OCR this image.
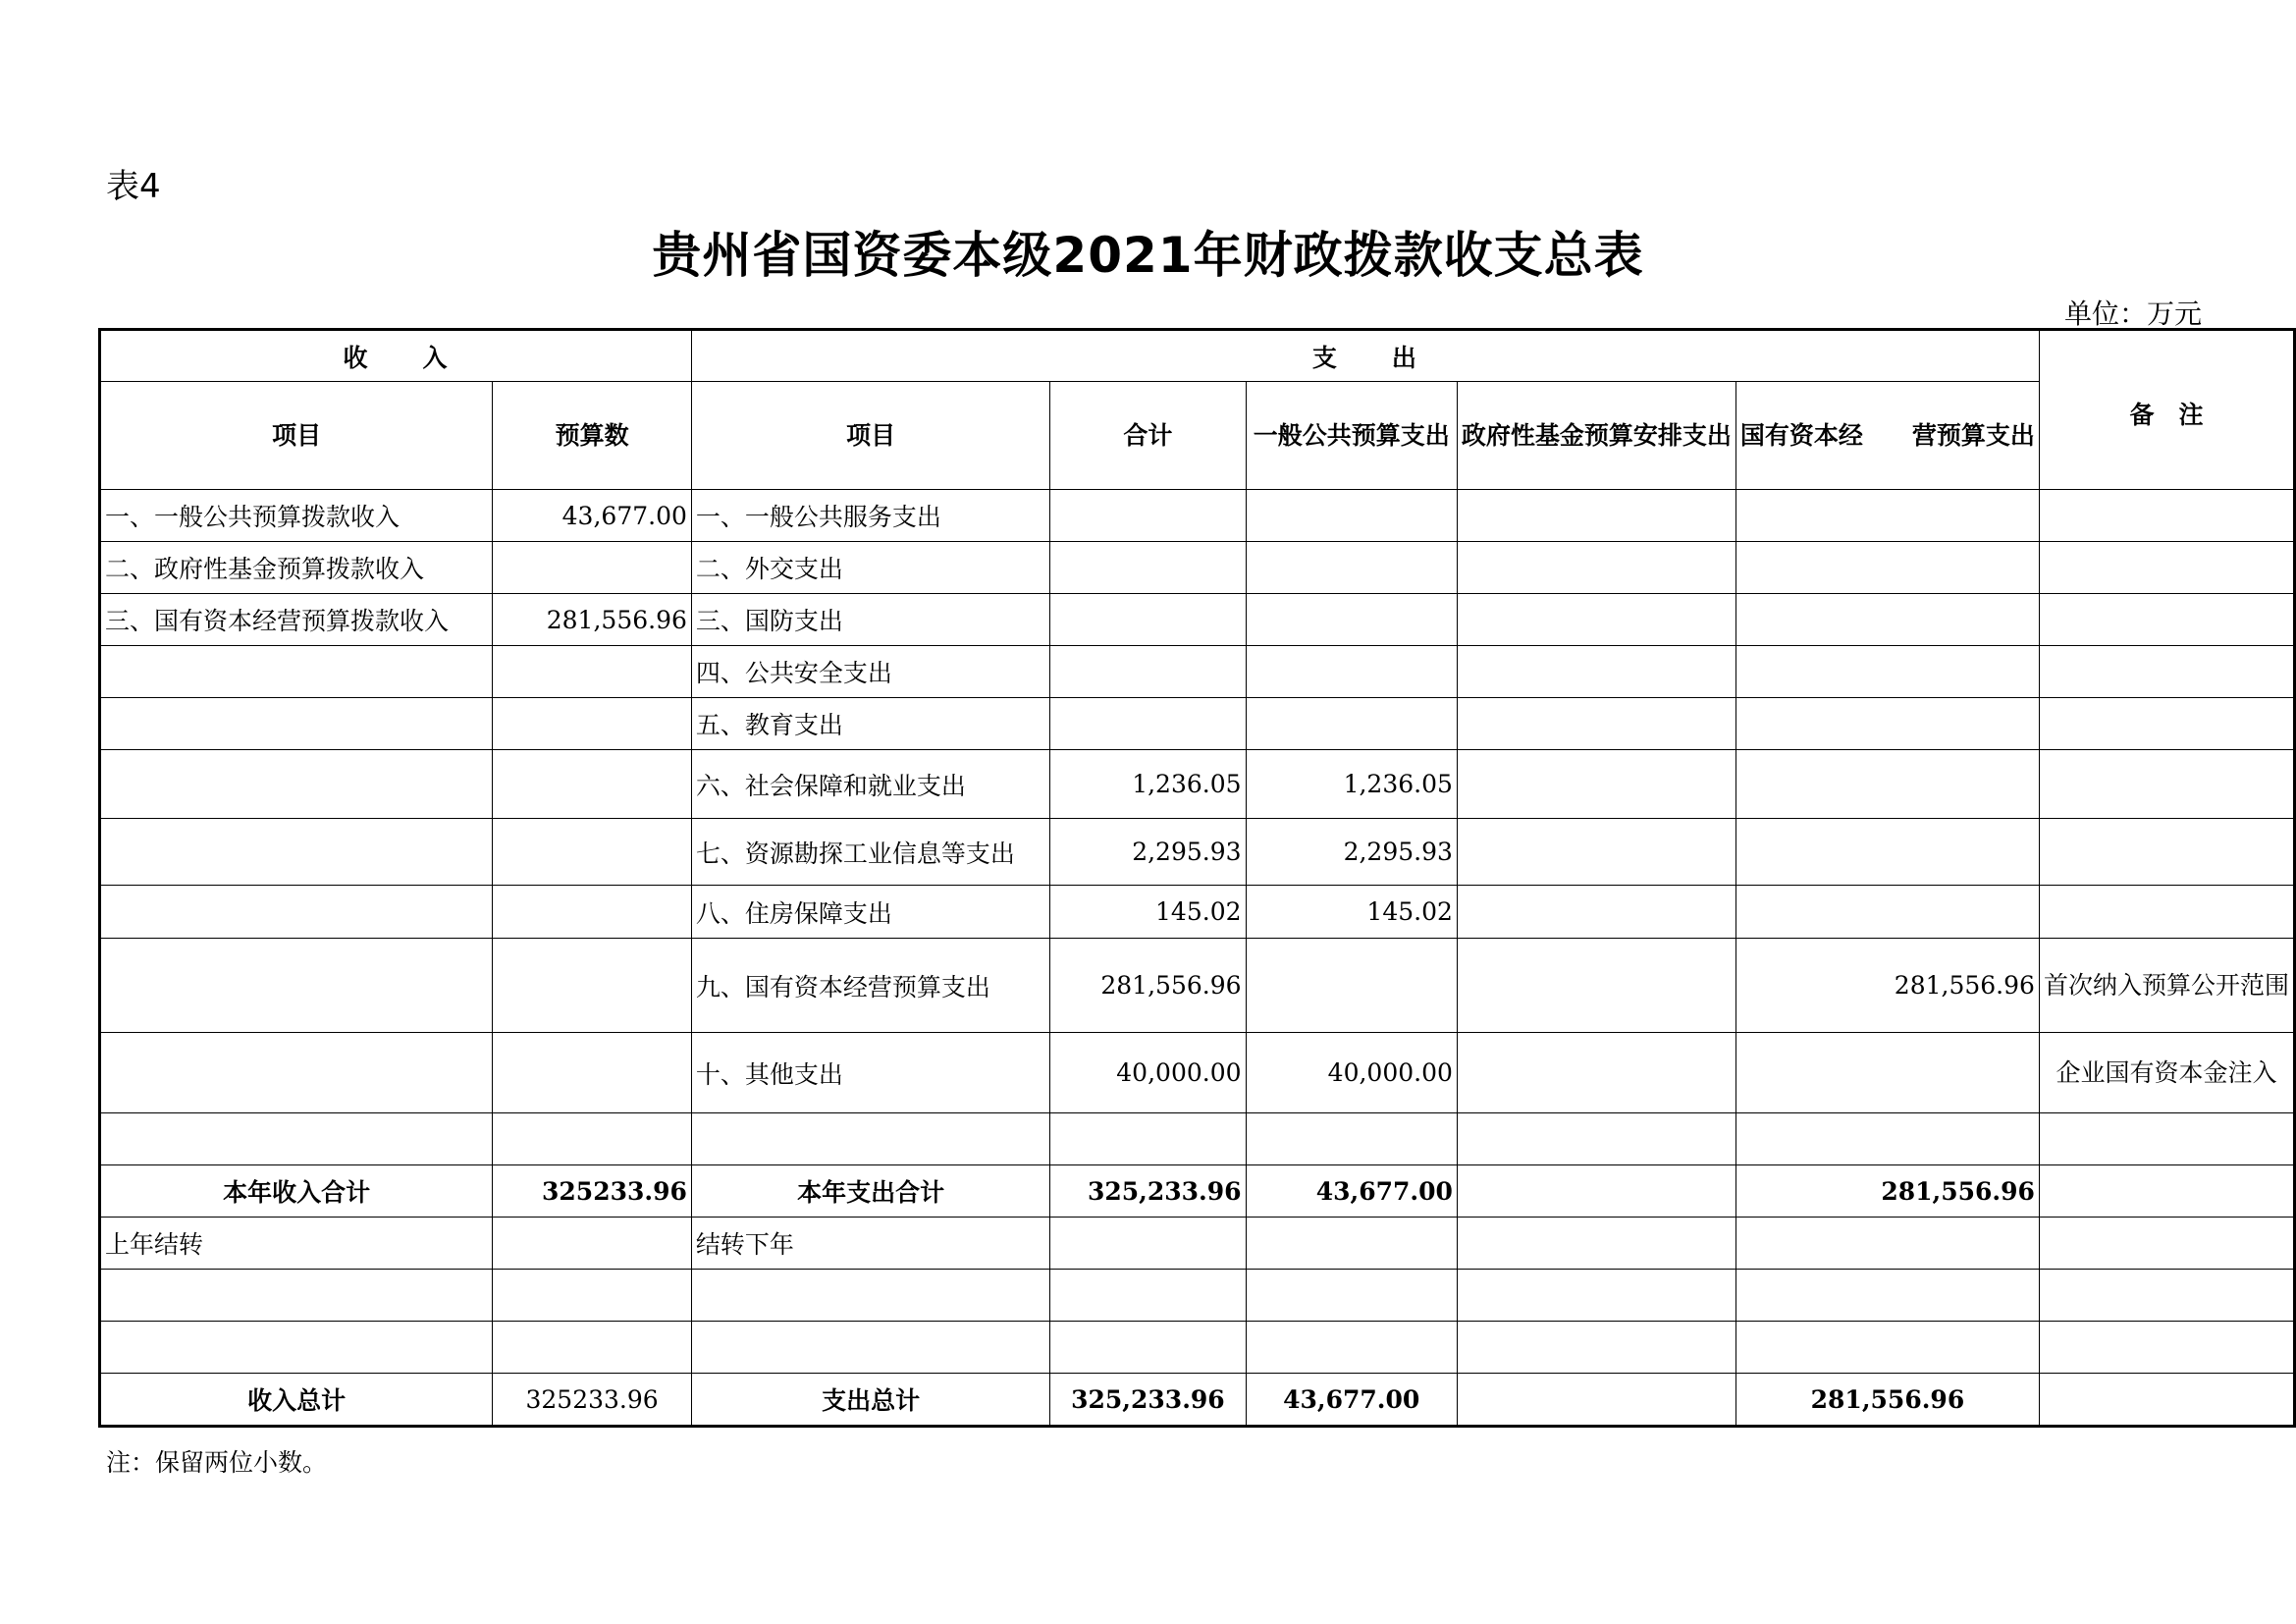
表4
贵州省国资委本级2021年财政拨款收支总表
单位：万元
收　　入		支　　出					备　注
项目	预算数	项目	合计	一般公共预算支出	政府性基金预算安排支出	国有资本经　　营预算支出	
一、一般公共预算拨款收入	43,677.00	一、一般公共服务支出					
二、政府性基金预算拨款收入		二、外交支出					
三、国有资本经营预算拨款收入	281,556.96	三、国防支出					
		四、公共安全支出					
		五、教育支出					
		六、社会保障和就业支出	1,236.05	1,236.05			
		七、资源勘探工业信息等支出	2,295.93	2,295.93			
		八、住房保障支出	145.02	145.02			
		九、国有资本经营预算支出	281,556.96			281,556.96	首次纳入预算公开范围
		十、其他支出	40,000.00	40,000.00			企业国有资本金注入

本年收入合计	325233.96	本年支出合计	325,233.96	43,677.00		281,556.96	
上年结转		结转下年					

收入总计	325233.96	支出总计	325,233.96	43,677.00		281,556.96	
注：保留两位小数。
